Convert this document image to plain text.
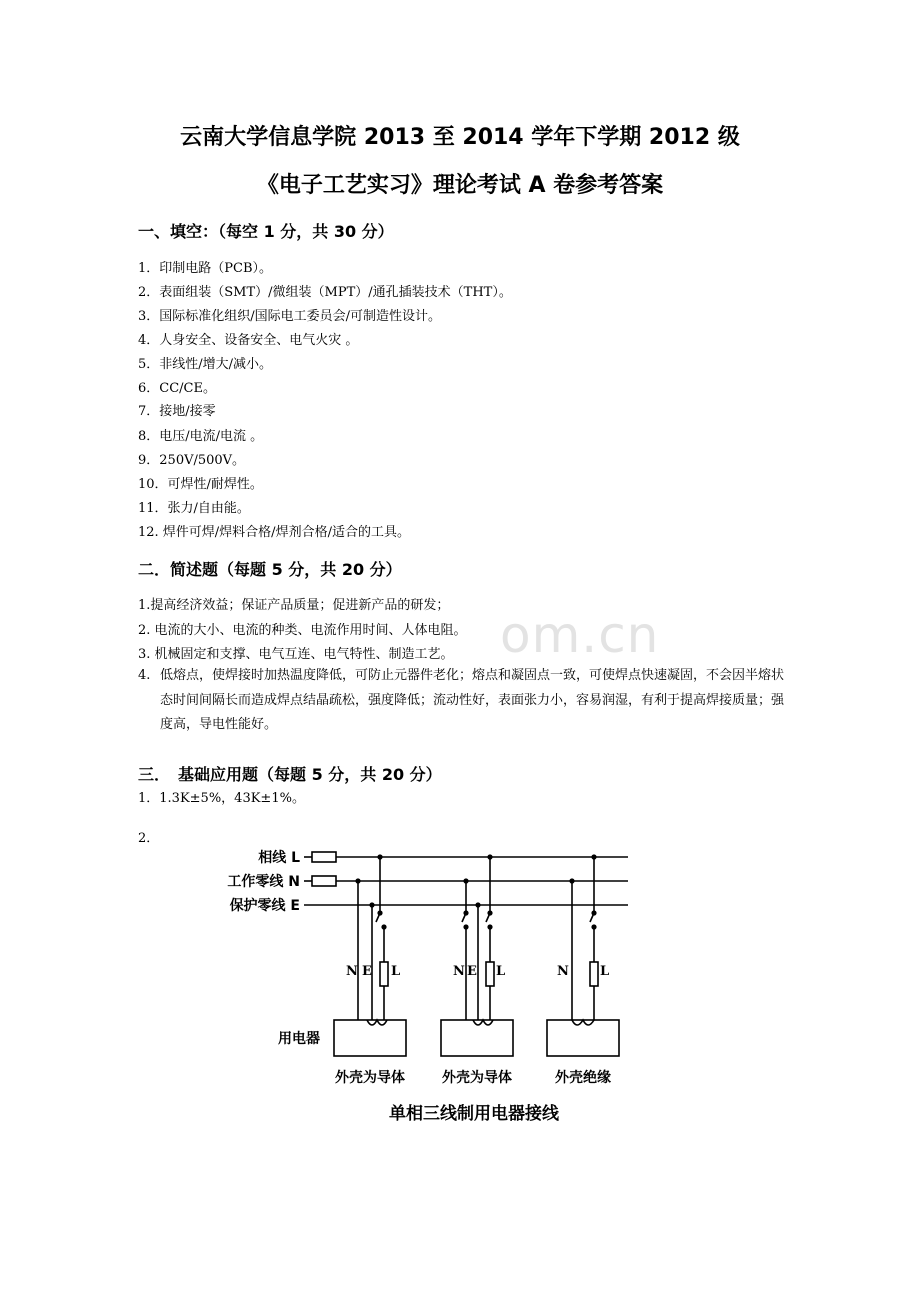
om.cn
云南大学信息学院 2013 至 2014 学年下学期 2012 级
《电子工艺实习》理论考试 A 卷参考答案
一、填空：（每空 1 分，共 30 分）
1．印制电路（PCB）。
2．表面组装（SMT）/微组装（MPT）/通孔插装技术（THT）。
3．国际标准化组织/国际电工委员会/可制造性设计。
4．人身安全、设备安全、电气火灾 。
5．非线性/增大/减小。
6．CC/CE。
7．接地/接零
8．电压/电流/电流 。
9．250V/500V。
10．可焊性/耐焊性。
11．张力/自由能。
12. 焊件可焊/焊料合格/焊剂合格/适合的工具。
二．简述题（每题 5 分，共 20 分）
1.提高经济效益；保证产品质量；促进新产品的研发；
2. 电流的大小、电流的种类、电流作用时间、人体电阻。
3. 机械固定和支撑、电气互连、电气特性、制造工艺。
4. 低熔点，使焊接时加热温度降低，可防止元器件老化；熔点和凝固点一致，可使焊点快速凝固，不会因半熔状态时间间隔长而造成焊点结晶疏松，强度降低；流动性好，表面张力小，容易润湿，有利于提高焊接质量；强度高，导电性能好。
三．　基础应用题（每题 5 分，共 20 分）
1．1.3K±5%，43K±1%。
2．
相线 L
工作零线 N
保护零线 E
N E L	N E L	N L
用电器
外壳为导体	外壳为导体	外壳绝缘
单相三线制用电器接线
